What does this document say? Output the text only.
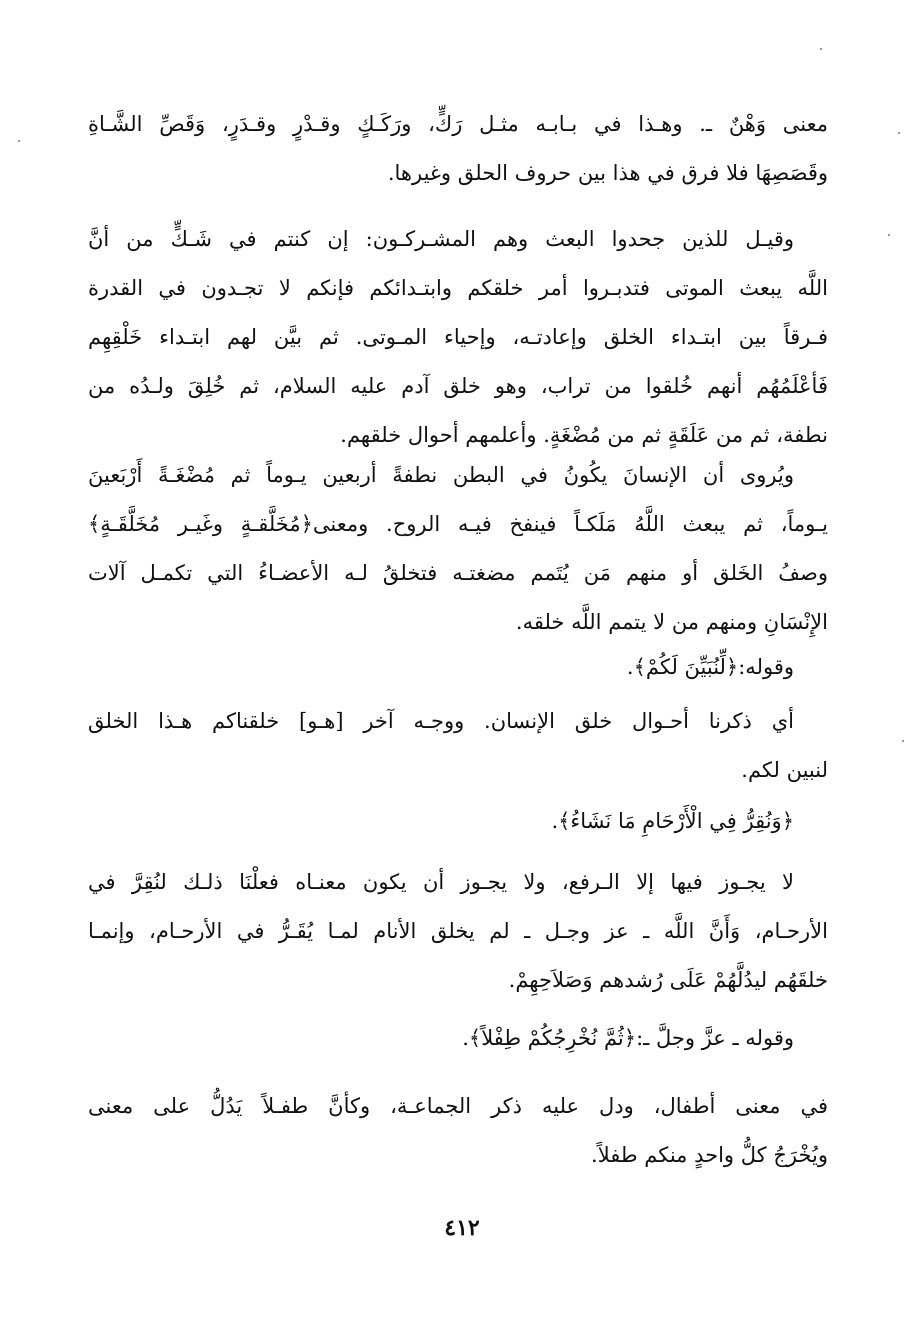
معنى وَهْنٌ ـ. وهـذا في بـابـه مثـل رَكٍّ، ورَكَـكٍ وقـدْرٍ وقـدَرٍ، وَقَصِّ الشَّـاةِ
وقَصَصِهَا فلا فرق في هذا بين حروف الحلق وغيرها.
وقيـل للذين جحدوا البعث وهم المشـركـون: إن كنتم في شَـكٍّ من أنَّ
اللَّه يبعث الموتى فتدبـروا أمر خلقكم وابتـدائكم فإنكم لا تجـدون في القدرة
فـرقاً بين ابتـداء الخلق وإعادتـه، وإحياء المـوتى. ثم بيَّن لهم ابتـداء خَلْقِهِم
فَأعْلَمُهُم أنهم خُلقوا من تراب، وهو خلق آدم عليه السلام، ثم خُلِقَ ولـدُه من
نطفة، ثم من عَلَقَةٍ ثم من مُضْغَةٍ. وأعلمهم أحوال خلقهم.
ويُروى أن الإنسانَ يكُونُ في البطن نطفةً أربعين يـوماً ثم مُضْغَـةً أَرْبَعينَ
يـوماً، ثم يبعث اللَّهُ مَلَكـاً فينفخ فيـه الروح. ومعنى﴿مُخَلَّقـةٍ وغَيـر مُخَلَّقَـةٍ﴾
وصفُ الخَلق أو منهم مَن يُتَمم مضغتـه فتخلقُ لـه الأعضـاءُ التي تكمـل آلات
الإِنْسَانِ ومنهم من لا يتمم اللَّه خلقه.
وقوله:﴿لِّنُبَيِّنَ لَكُمْ﴾.
أي ذكرنا أحـوال خلق الإنسان. ووجـه آخر [هـو] خلقناكم هـذا الخلق
لنبين لكم.
﴿وَنُقِرُّ فِي الْأَرْحَامِ مَا نَشَاءُ﴾.
لا يجـوز فيها إلا الـرفع، ولا يجـوز أن يكون معنـاه فعلْنَا ذلـك لنُقِرَّ في
الأرحـام، وَأَنَّ اللَّه ـ عز وجـل ـ لم يخلق الأنام لمـا يُقَـرُّ في الأرحـام، وإنمـا
خلقَهُم ليدُلَّهُمْ عَلَى رُشدهم وَصَلاَحِهِمْ.
وقوله ـ عزَّ وجلَّ ـ:﴿ثُمَّ نُخْرِجُكُمْ طِفْلاً﴾.
في معنى أطفال، ودل عليه ذكر الجماعـة، وكأنَّ طفـلاً يَدُلُّ على معنى
ويُخْرَجُ كلُّ واحدٍ منكم طفلاً.
٤١٢
